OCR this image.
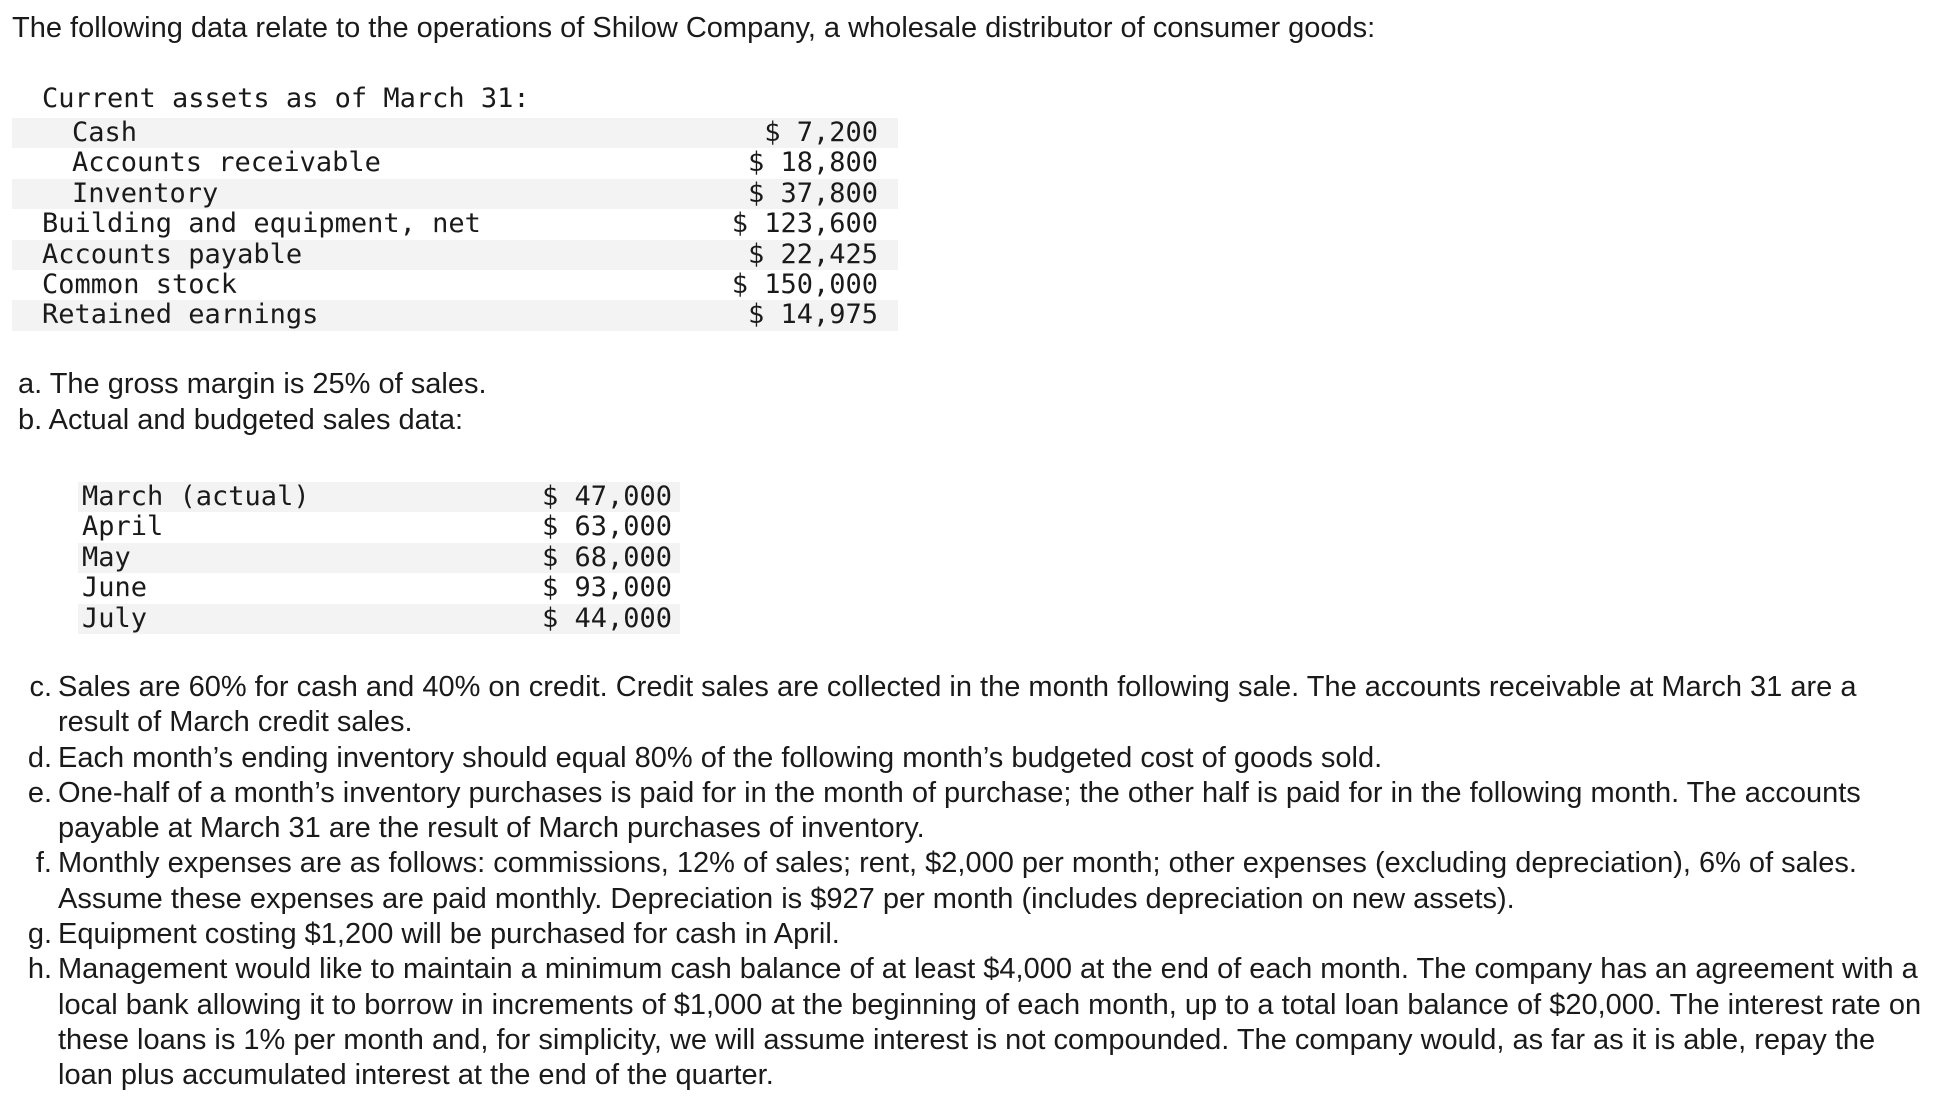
The following data relate to the operations of Shilow Company, a wholesale distributor of consumer goods:
Current assets as of March 31:
Cash	$ 7,200
Accounts receivable	$ 18,800
Inventory	$ 37,800
Building and equipment, net	$ 123,600
Accounts payable	$ 22,425
Common stock	$ 150,000
Retained earnings	$ 14,975
a. The gross margin is 25% of sales.
b. Actual and budgeted sales data:
March (actual)	$ 47,000
April	$ 63,000
May	$ 68,000
June	$ 93,000
July	$ 44,000
c. Sales are 60% for cash and 40% on credit. Credit sales are collected in the month following sale. The accounts receivable at March 31 are a result of March credit sales.
d. Each month’s ending inventory should equal 80% of the following month’s budgeted cost of goods sold.
e. One-half of a month’s inventory purchases is paid for in the month of purchase; the other half is paid for in the following month. The accounts payable at March 31 are the result of March purchases of inventory.
f. Monthly expenses are as follows: commissions, 12% of sales; rent, $2,000 per month; other expenses (excluding depreciation), 6% of sales. Assume these expenses are paid monthly. Depreciation is $927 per month (includes depreciation on new assets).
g. Equipment costing $1,200 will be purchased for cash in April.
h. Management would like to maintain a minimum cash balance of at least $4,000 at the end of each month. The company has an agreement with a local bank allowing it to borrow in increments of $1,000 at the beginning of each month, up to a total loan balance of $20,000. The interest rate on these loans is 1% per month and, for simplicity, we will assume interest is not compounded. The company would, as far as it is able, repay the loan plus accumulated interest at the end of the quarter.
